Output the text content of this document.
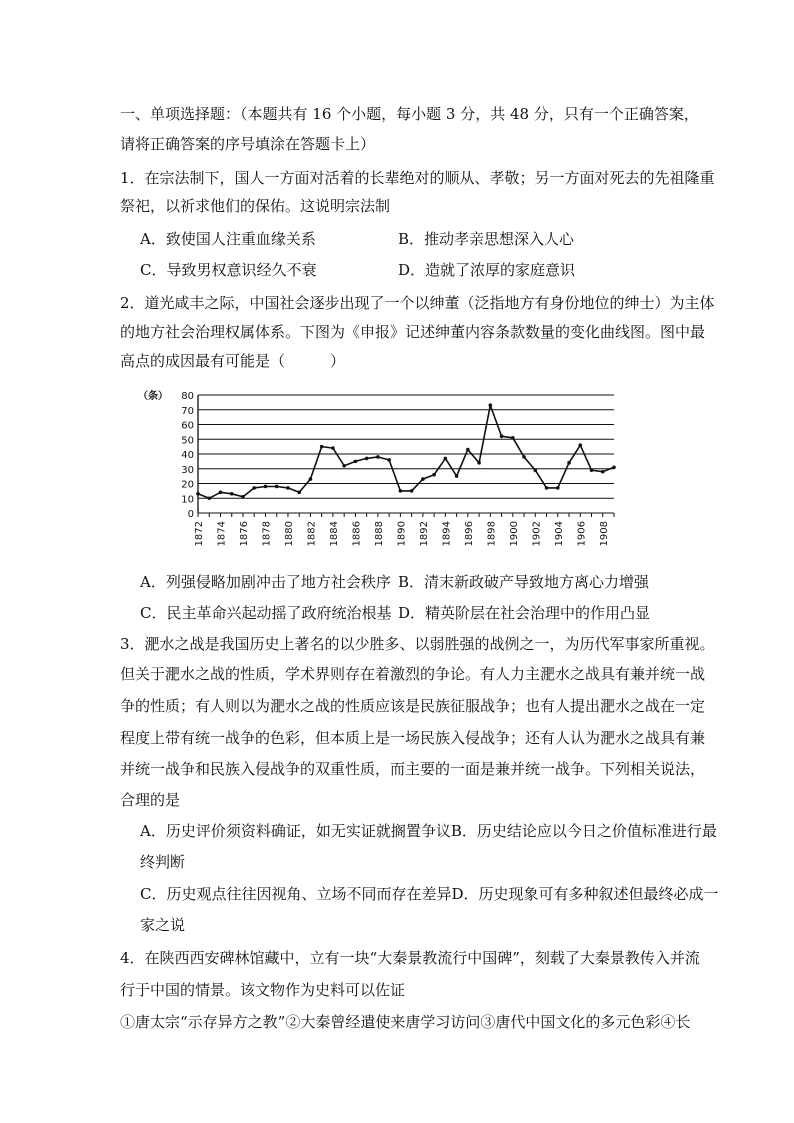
一、单项选择题：（本题共有 16 个小题，每小题 3 分，共 48 分，只有一个正确答案，
请将正确答案的序号填涂在答题卡上）
1．在宗法制下，国人一方面对活着的长辈绝对的顺从、孝敬；另一方面对死去的先祖隆重
祭祀，以祈求他们的保佑。这说明宗法制
A．致使国人注重血缘关系	B．推动孝亲思想深入人心
C．导致男权意识经久不衰	D．造就了浓厚的家庭意识
2．道光咸丰之际，中国社会逐步出现了一个以绅董（泛指地方有身份地位的绅士）为主体
的地方社会治理权属体系。下图为《申报》记述绅董内容条款数量的变化曲线图。图中最
高点的成因最有可能是（　　　）
0
10
20
30
40
50
60
70
80
1872 1874 1876 1878 1880 1882 1884 1886 1888 1890 1892 1894 1896 1898 1900 1902 1904 1906 1908
（条）
A．列强侵略加剧冲击了地方社会秩序 B．清末新政破产导致地方离心力增强
C．民主革命兴起动摇了政府统治根基 D．精英阶层在社会治理中的作用凸显
3．淝水之战是我国历史上著名的以少胜多、以弱胜强的战例之一，为历代军事家所重视。
但关于淝水之战的性质，学术界则存在着激烈的争论。有人力主淝水之战具有兼并统一战
争的性质；有人则以为淝水之战的性质应该是民族征服战争；也有人提出淝水之战在一定
程度上带有统一战争的色彩，但本质上是一场民族入侵战争；还有人认为淝水之战具有兼
并统一战争和民族入侵战争的双重性质，而主要的一面是兼并统一战争。下列相关说法，
合理的是
A．历史评价须资料确证，如无实证就搁置争议B．历史结论应以今日之价值标准进行最
终判断
C．历史观点往往因视角、立场不同而存在差异D．历史现象可有多种叙述但最终必成一
家之说
4．在陕西西安碑林馆藏中，立有一块“大秦景教流行中国碑”，刻载了大秦景教传入并流
行于中国的情景。该文物作为史料可以佐证
①唐太宗“示存异方之教”②大秦曾经遣使来唐学习访问③唐代中国文化的多元色彩④长
